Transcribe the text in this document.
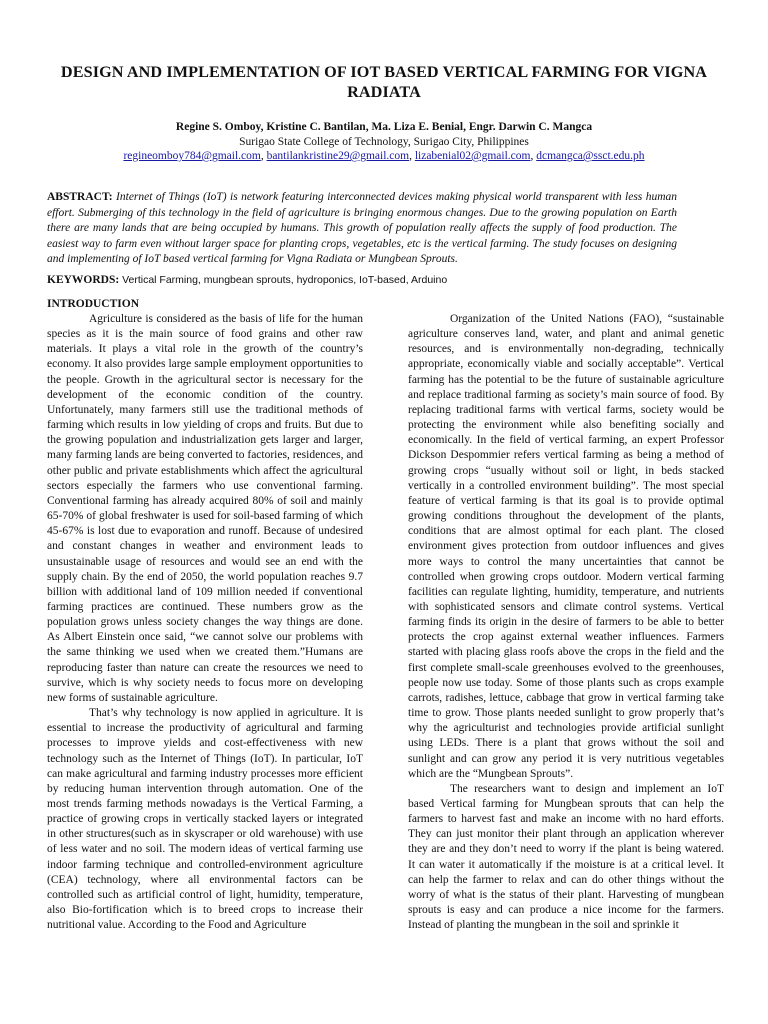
DESIGN AND IMPLEMENTATION OF IOT BASED VERTICAL FARMING FOR VIGNA RADIATA
Regine S. Omboy, Kristine C. Bantilan, Ma. Liza E. Benial, Engr. Darwin C. Mangca
Surigao State College of Technology, Surigao City, Philippines
regineomboy784@gmail.com, bantilankristine29@gmail.com, lizabenial02@gmail.com, dcmangca@ssct.edu.ph
ABSTRACT: Internet of Things (IoT) is network featuring interconnected devices making physical world transparent with less human effort. Submerging of this technology in the field of agriculture is bringing enormous changes. Due to the growing population on Earth there are many lands that are being occupied by humans. This growth of population really affects the supply of food production. The easiest way to farm even without larger space for planting crops, vegetables, etc is the vertical farming. The study focuses on designing and implementing of IoT based vertical farming for Vigna Radiata or Mungbean Sprouts.
KEYWORDS: Vertical Farming, mungbean sprouts, hydroponics, IoT-based, Arduino

INTRODUCTION

Agriculture is considered as the basis of life for the human species as it is the main source of food grains and other raw materials. It plays a vital role in the growth of the country’s economy. It also provides large sample employment opportunities to the people. Growth in the agricultural sector is necessary for the development of the economic condition of the country. Unfortunately, many farmers still use the traditional methods of farming which results in low yielding of crops and fruits. But due to the growing population and industrialization gets larger and larger, many farming lands are being converted to factories, residences, and other public and private establishments which affect the agricultural sectors especially the farmers who use conventional farming. Conventional farming has already acquired 80% of soil and mainly 65-70% of global freshwater is used for soil-based farming of which 45-67% is lost due to evaporation and runoff. Because of undesired and constant changes in weather and environment leads to unsustainable usage of resources and would see an end with the supply chain. By the end of 2050, the world population reaches 9.7 billion with additional land of 109 million needed if conventional farming practices are continued. These numbers grow as the population grows unless society changes the way things are done. As Albert Einstein once said, “we cannot solve our problems with the same thinking we used when we created them.”Humans are reproducing faster than nature can create the resources we need to survive, which is why society needs to focus more on developing new forms of sustainable agriculture.

That’s why technology is now applied in agriculture. It is essential to increase the productivity of agricultural and farming processes to improve yields and cost-effectiveness with new technology such as the Internet of Things (IoT). In particular, IoT can make agricultural and farming industry processes more efficient by reducing human intervention through automation. One of the most trends farming methods nowadays is the Vertical Farming, a practice of growing crops in vertically stacked layers or integrated in other structures(such as in skyscraper or old warehouse) with use of less water and no soil. The modern ideas of vertical farming use indoor farming technique and controlled-environment agriculture (CEA) technology, where all environmental factors can be controlled such as artificial control of light, humidity, temperature, also Bio-fortification which is to breed crops to increase their nutritional value. According to the Food and Agriculture

Organization of the United Nations (FAO), “sustainable agriculture conserves land, water, and plant and animal genetic resources, and is environmentally non-degrading, technically appropriate, economically viable and socially acceptable”. Vertical farming has the potential to be the future of sustainable agriculture and replace traditional farming as society’s main source of food. By replacing traditional farms with vertical farms, society would be protecting the environment while also benefiting socially and economically. In the field of vertical farming, an expert Professor Dickson Despommier refers vertical farming as being a method of growing crops “usually without soil or light, in beds stacked vertically in a controlled environment building”. The most special feature of vertical farming is that its goal is to provide optimal growing conditions throughout the development of the plants, conditions that are almost optimal for each plant. The closed environment gives protection from outdoor influences and gives more ways to control the many uncertainties that cannot be controlled when growing crops outdoor. Modern vertical farming facilities can regulate lighting, humidity, temperature, and nutrients with sophisticated sensors and climate control systems. Vertical farming finds its origin in the desire of farmers to be able to better protects the crop against external weather influences. Farmers started with placing glass roofs above the crops in the field and the first complete small-scale greenhouses evolved to the greenhouses, people now use today. Some of those plants such as crops example carrots, radishes, lettuce, cabbage that grow in vertical farming take time to grow. Those plants needed sunlight to grow properly that’s why the agriculturist and technologies provide artificial sunlight using LEDs. There is a plant that grows without the soil and sunlight and can grow any period it is very nutritious vegetables which are the “Mungbean Sprouts”.

The researchers want to design and implement an IoT based Vertical farming for Mungbean sprouts that can help the farmers to harvest fast and make an income with no hard efforts. They can just monitor their plant through an application wherever they are and they don’t need to worry if the plant is being watered. It can water it automatically if the moisture is at a critical level. It can help the farmer to relax and can do other things without the worry of what is the status of their plant. Harvesting of mungbean sprouts is easy and can produce a nice income for the farmers. Instead of planting the mungbean in the soil and sprinkle it
